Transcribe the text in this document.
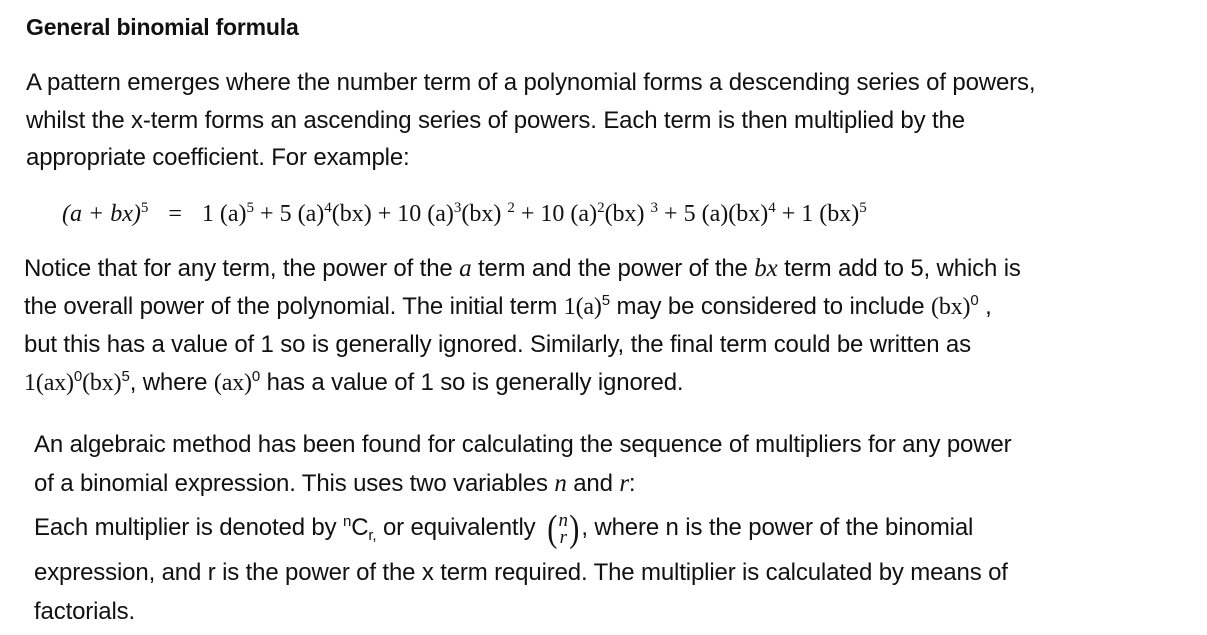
General binomial formula
A pattern emerges where the number term of a polynomial forms a descending series of powers,
whilst the x-term forms an ascending series of powers. Each term is then multiplied by the
appropriate coefficient. For example:
(a + bx)$^5$ = 1 $(a)^5 + 5$ $(a)^4(bx) + 10$ $(a)^3(bx) ^2 + 10$ $(a)^2(bx) ^3 + 5$ (a)(bx)$^4$ + 1 (bx)$^5$
Notice that for any term, the power of the a term and the power of the bx term add to 5, which is
the overall power of the polynomial. The initial term $1(a)^5$ may be considered to include (bx)$^0$ ,
but this has a value of 1 so is generally ignored. Similarly, the final term could be written as
1(ax)$^0$(bx)$^5$, where (ax)$^0$ has a value of 1 so is generally ignored.
An algebraic method has been found for calculating the sequence of multipliers for any power
of a binomial expression. This uses two variables n and r:
Each multiplier is denoted by $^nC_{r,}$ or equivalently ( n
r ) , where n is the power of the binomial
expression, and r is the power of the x term required. The multiplier is calculated by means of
factorials.
